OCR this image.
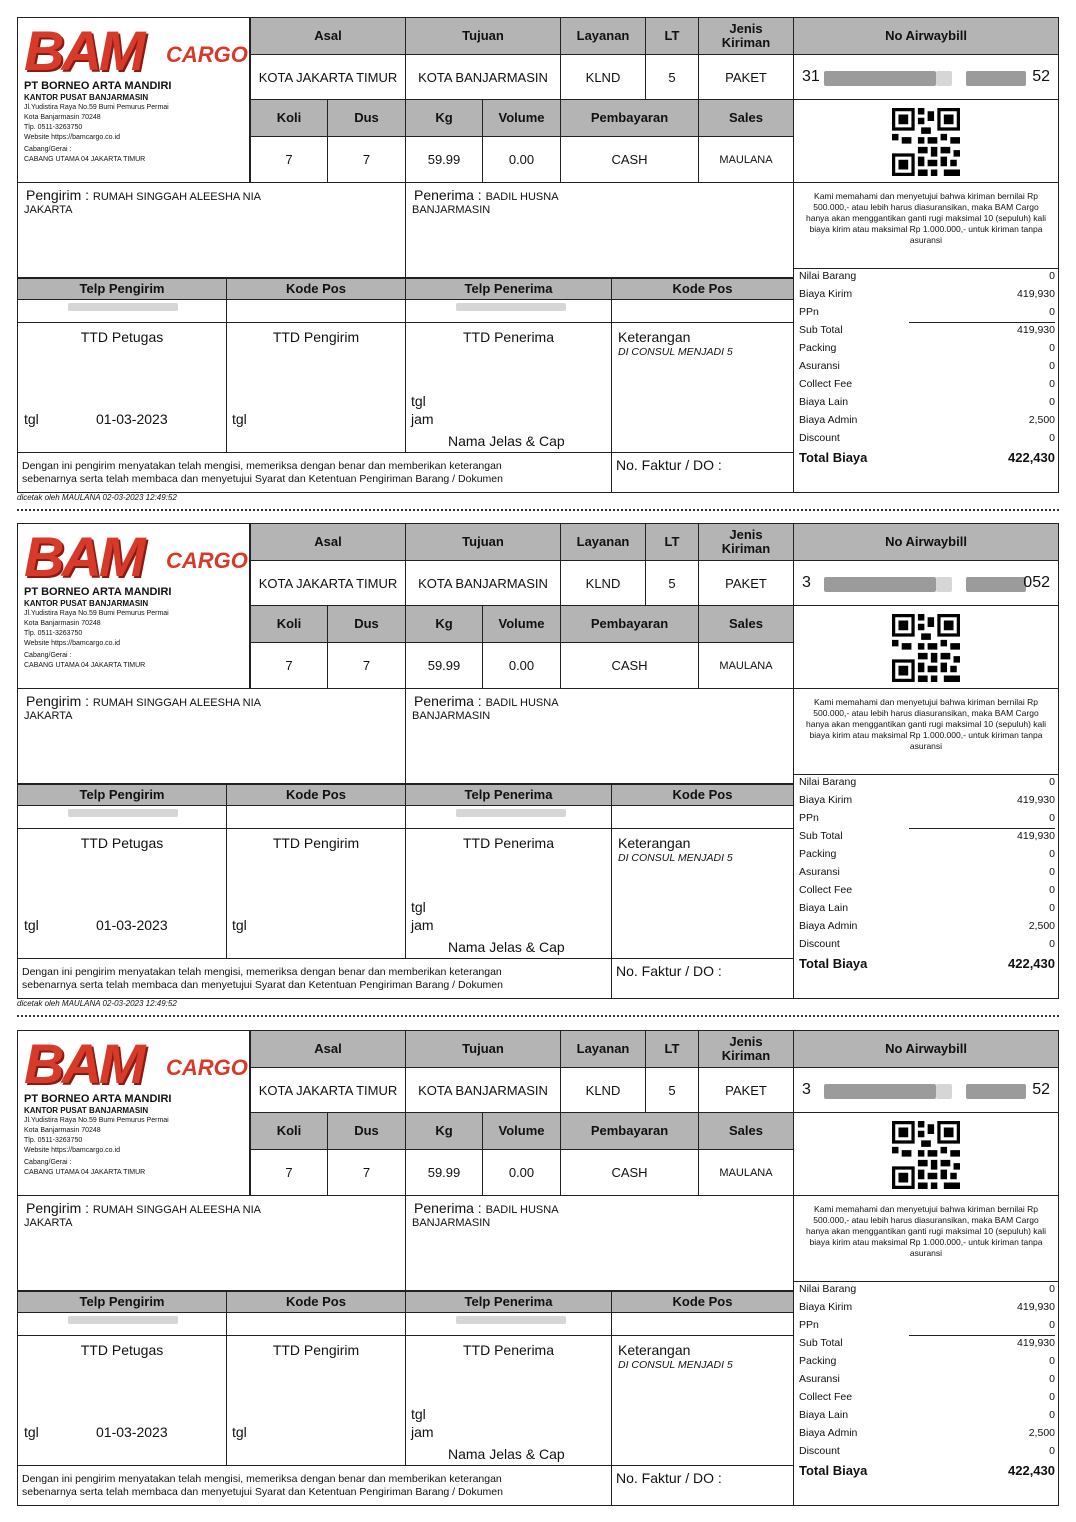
BAM CARGO
PT BORNEO ARTA MANDIRI
KANTOR PUSAT BANJARMASIN
Jl.Yudistira Raya No.59 Bumi Pemurus Permai
Kota Banjarmasin 70248
Tlp. 0511-3263750
Website https://bamcargo.co.id
Cabang/Gerai :
CABANG UTAMA 04 JAKARTA TIMUR
Asal	Tujuan	Layanan	LT	Jenis Kiriman	No Airwaybill
KOTA JAKARTA TIMUR	KOTA BANJARMASIN	KLND	5	PAKET	31	52
Koli	Dus	Kg	Volume	Pembayaran	Sales
7	7	59.99	0.00	CASH	MAULANA
Kami memahami dan menyetujui bahwa kiriman bernilai Rp 500.000,- atau lebih harus diasuransikan, maka BAM Cargo hanya akan menggantikan ganti rugi maksimal 10 (sepuluh) kali biaya kirim atau maksimal Rp 1.000.000,- untuk kiriman tanpa asuransi
Nilai Barang	0
Biaya Kirim	419,930
PPn	0
Sub Total	419,930
Packing	0
Asuransi	0
Collect Fee	0
Biaya Lain	0
Biaya Admin	2,500
Discount	0
Total Biaya	422,430
Pengirim : RUMAH SINGGAH ALEESHA NIA
JAKARTA
Penerima : BADIL HUSNA
BANJARMASIN
Telp Pengirim	Kode Pos	Telp Penerima	Kode Pos
TTD Petugas
tgl	01-03-2023
TTD Pengirim
tgl
TTD Penerima
tgl
jam
Nama Jelas & Cap
Keterangan
DI CONSUL MENJADI 5
Dengan ini pengirim menyatakan telah mengisi, memeriksa dengan benar dan memberikan keterangan
sebenarnya serta telah membaca dan menyetujui Syarat dan Ketentuan Pengiriman Barang / Dokumen
No. Faktur / DO :
BAM CARGO
PT BORNEO ARTA MANDIRI
KANTOR PUSAT BANJARMASIN
Jl.Yudistira Raya No.59 Bumi Pemurus Permai
Kota Banjarmasin 70248
Tlp. 0511-3263750
Website https://bamcargo.co.id
Cabang/Gerai :
CABANG UTAMA 04 JAKARTA TIMUR
Asal	Tujuan	Layanan	LT	Jenis Kiriman	No Airwaybill
KOTA JAKARTA TIMUR	KOTA BANJARMASIN	KLND	5	PAKET	3	052
Koli	Dus	Kg	Volume	Pembayaran	Sales
7	7	59.99	0.00	CASH	MAULANA
Kami memahami dan menyetujui bahwa kiriman bernilai Rp 500.000,- atau lebih harus diasuransikan, maka BAM Cargo hanya akan menggantikan ganti rugi maksimal 10 (sepuluh) kali biaya kirim atau maksimal Rp 1.000.000,- untuk kiriman tanpa asuransi
Nilai Barang	0
Biaya Kirim	419,930
PPn	0
Sub Total	419,930
Packing	0
Asuransi	0
Collect Fee	0
Biaya Lain	0
Biaya Admin	2,500
Discount	0
Total Biaya	422,430
Pengirim : RUMAH SINGGAH ALEESHA NIA
JAKARTA
Penerima : BADIL HUSNA
BANJARMASIN
Telp Pengirim	Kode Pos	Telp Penerima	Kode Pos
TTD Petugas
tgl	01-03-2023
TTD Pengirim
tgl
TTD Penerima
tgl
jam
Nama Jelas & Cap
Keterangan
DI CONSUL MENJADI 5
Dengan ini pengirim menyatakan telah mengisi, memeriksa dengan benar dan memberikan keterangan
sebenarnya serta telah membaca dan menyetujui Syarat dan Ketentuan Pengiriman Barang / Dokumen
No. Faktur / DO :
BAM CARGO
PT BORNEO ARTA MANDIRI
KANTOR PUSAT BANJARMASIN
Jl.Yudistira Raya No.59 Bumi Pemurus Permai
Kota Banjarmasin 70248
Tlp. 0511-3263750
Website https://bamcargo.co.id
Cabang/Gerai :
CABANG UTAMA 04 JAKARTA TIMUR
Asal	Tujuan	Layanan	LT	Jenis Kiriman	No Airwaybill
KOTA JAKARTA TIMUR	KOTA BANJARMASIN	KLND	5	PAKET	3	52
Koli	Dus	Kg	Volume	Pembayaran	Sales
7	7	59.99	0.00	CASH	MAULANA
Kami memahami dan menyetujui bahwa kiriman bernilai Rp 500.000,- atau lebih harus diasuransikan, maka BAM Cargo hanya akan menggantikan ganti rugi maksimal 10 (sepuluh) kali biaya kirim atau maksimal Rp 1.000.000,- untuk kiriman tanpa asuransi
Nilai Barang	0
Biaya Kirim	419,930
PPn	0
Sub Total	419,930
Packing	0
Asuransi	0
Collect Fee	0
Biaya Lain	0
Biaya Admin	2,500
Discount	0
Total Biaya	422,430
Pengirim : RUMAH SINGGAH ALEESHA NIA
JAKARTA
Penerima : BADIL HUSNA
BANJARMASIN
Telp Pengirim	Kode Pos	Telp Penerima	Kode Pos
TTD Petugas
tgl	01-03-2023
TTD Pengirim
tgl
TTD Penerima
tgl
jam
Nama Jelas & Cap
Keterangan
DI CONSUL MENJADI 5
Dengan ini pengirim menyatakan telah mengisi, memeriksa dengan benar dan memberikan keterangan
sebenarnya serta telah membaca dan menyetujui Syarat dan Ketentuan Pengiriman Barang / Dokumen
No. Faktur / DO :
dicetak oleh MAULANA 02-03-2023 12:49:52
dicetak oleh MAULANA 02-03-2023 12:49:52
